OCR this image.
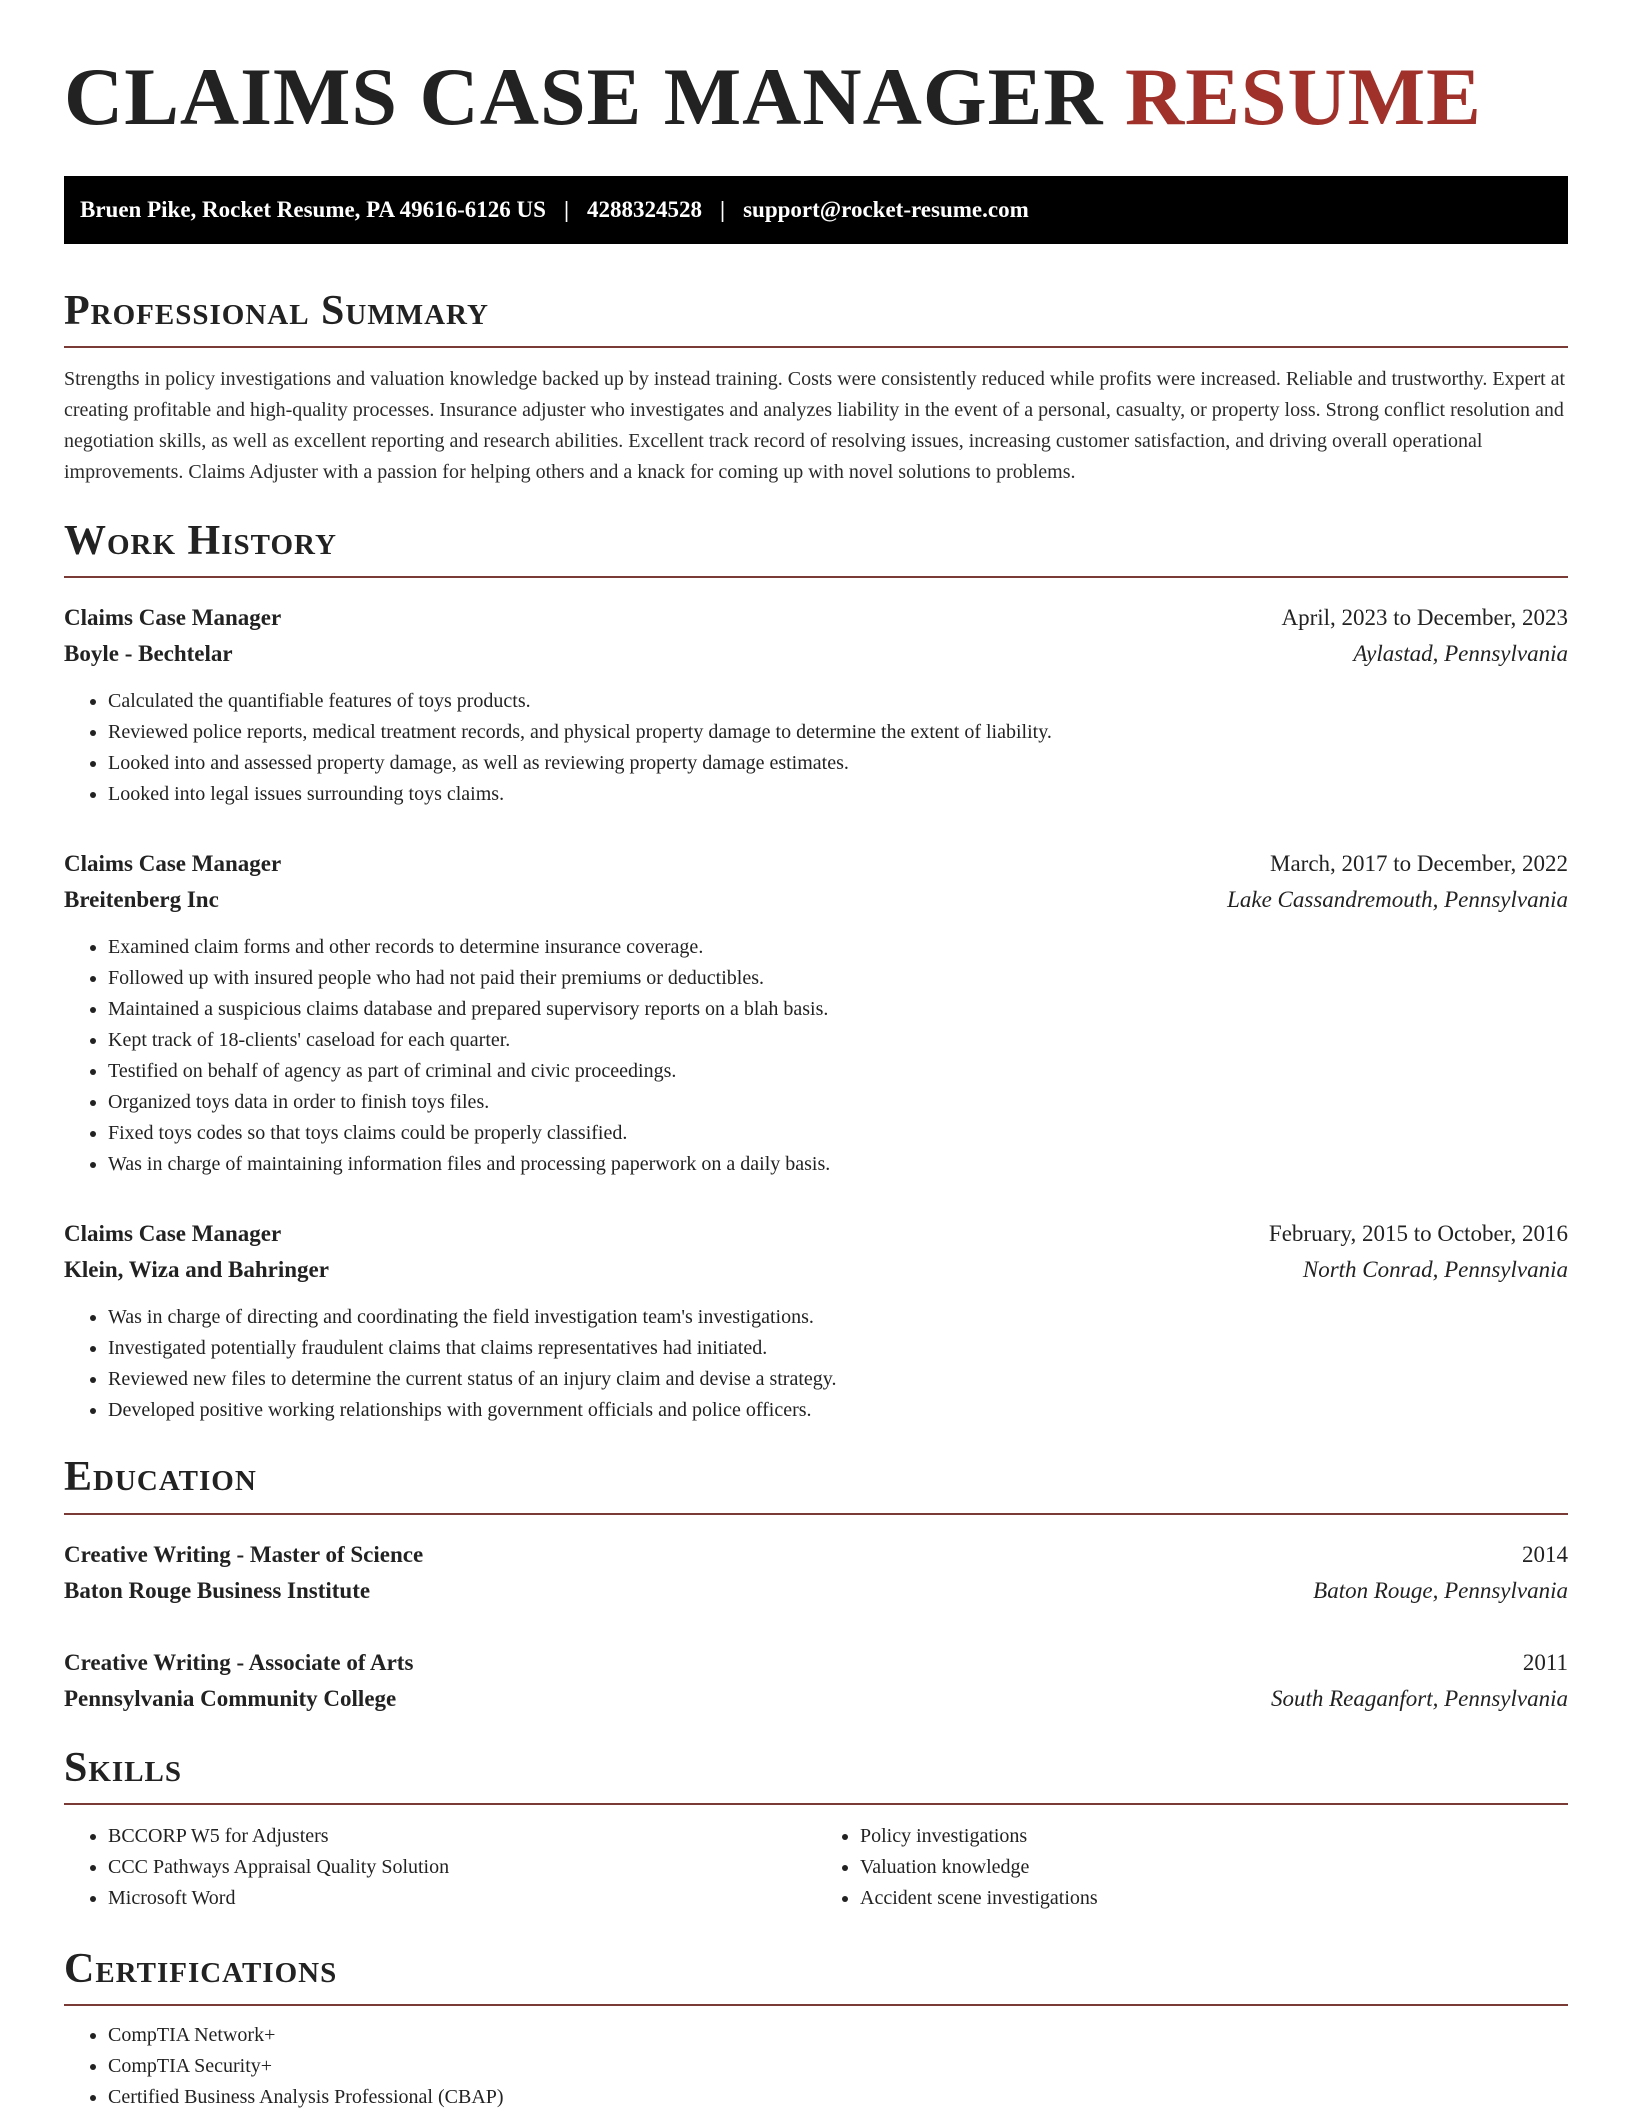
CLAIMS CASE MANAGER RESUME
Bruen Pike, Rocket Resume, PA 49616-6126 US | 4288324528 | support@rocket-resume.com
Professional Summary

Strengths in policy investigations and valuation knowledge backed up by instead training. Costs were consistently reduced while profits were increased. Reliable and trustworthy. Expert at creating profitable and high-quality processes. Insurance adjuster who investigates and analyzes liability in the event of a personal, casualty, or property loss. Strong conflict resolution and negotiation skills, as well as excellent reporting and research abilities. Excellent track record of resolving issues, increasing customer satisfaction, and driving overall operational improvements. Claims Adjuster with a passion for helping others and a knack for coming up with novel solutions to problems.

Work History
Claims Case Manager	April, 2023 to December, 2023
Boyle - Bechtelar	Aylastad, Pennsylvania
• Calculated the quantifiable features of toys products.
• Reviewed police reports, medical treatment records, and physical property damage to determine the extent of liability.
• Looked into and assessed property damage, as well as reviewing property damage estimates.
• Looked into legal issues surrounding toys claims.
Claims Case Manager	March, 2017 to December, 2022
Breitenberg Inc	Lake Cassandremouth, Pennsylvania
• Examined claim forms and other records to determine insurance coverage.
• Followed up with insured people who had not paid their premiums or deductibles.
• Maintained a suspicious claims database and prepared supervisory reports on a blah basis.
• Kept track of 18-clients' caseload for each quarter.
• Testified on behalf of agency as part of criminal and civic proceedings.
• Organized toys data in order to finish toys files.
• Fixed toys codes so that toys claims could be properly classified.
• Was in charge of maintaining information files and processing paperwork on a daily basis.
Claims Case Manager	February, 2015 to October, 2016
Klein, Wiza and Bahringer	North Conrad, Pennsylvania
• Was in charge of directing and coordinating the field investigation team's investigations.
• Investigated potentially fraudulent claims that claims representatives had initiated.
• Reviewed new files to determine the current status of an injury claim and devise a strategy.
• Developed positive working relationships with government officials and police officers.
Education
Creative Writing - Master of Science	2014
Baton Rouge Business Institute	Baton Rouge, Pennsylvania
Creative Writing - Associate of Arts	2011
Pennsylvania Community College	South Reaganfort, Pennsylvania
Skills
• BCCORP W5 for Adjusters
• CCC Pathways Appraisal Quality Solution
• Microsoft Word
• Policy investigations
• Valuation knowledge
• Accident scene investigations
Certifications
• CompTIA Network+
• CompTIA Security+
• Certified Business Analysis Professional (CBAP)
